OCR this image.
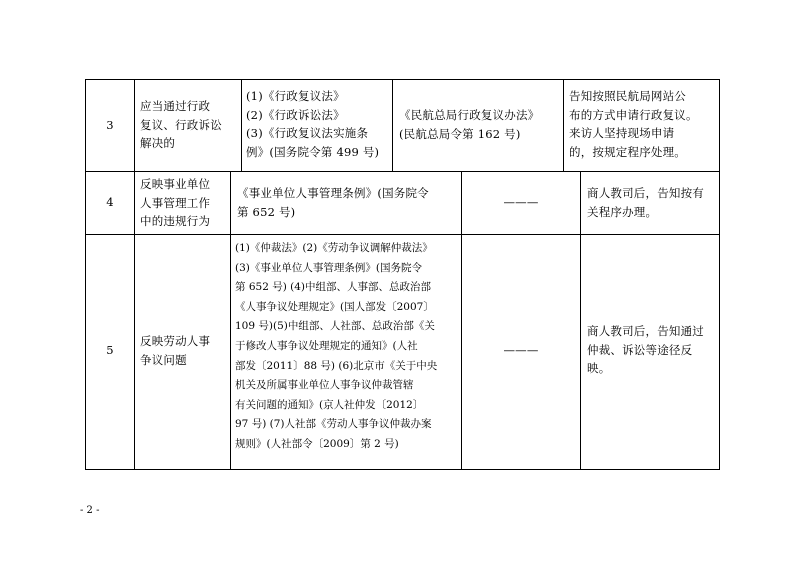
3
应当通过行政
复议、行政诉讼
解决的
(1)《行政复议法》
(2)《行政诉讼法》
(3)《行政复议法实施条
例》(国务院令第 499 号)
《民航总局行政复议办法》
(民航总局令第 162 号)
告知按照民航局网站公
布的方式申请行政复议。
来访人坚持现场申请
的，按规定程序处理。
4
反映事业单位
人事管理工作
中的违规行为
《事业单位人事管理条例》(国务院令
第 652 号)
———
商人教司后，告知按有
关程序办理。
5
反映劳动人事
争议问题
(1)《仲裁法》(2)《劳动争议调解仲裁法》
(3)《事业单位人事管理条例》(国务院令
第 652 号) (4)中组部、人事部、总政治部
《人事争议处理规定》(国人部发〔2007〕
109 号)(5)中组部、人社部、总政治部《关
于修改人事争议处理规定的通知》(人社
部发〔2011〕88 号) (6)北京市《关于中央
机关及所属事业单位人事争议仲裁管辖
有关问题的通知》(京人社仲发〔2012〕
97 号) (7)人社部《劳动人事争议仲裁办案
规则》(人社部令〔2009〕第 2 号)
———
商人教司后，告知通过
仲裁、诉讼等途径反
映。
- 2 -
